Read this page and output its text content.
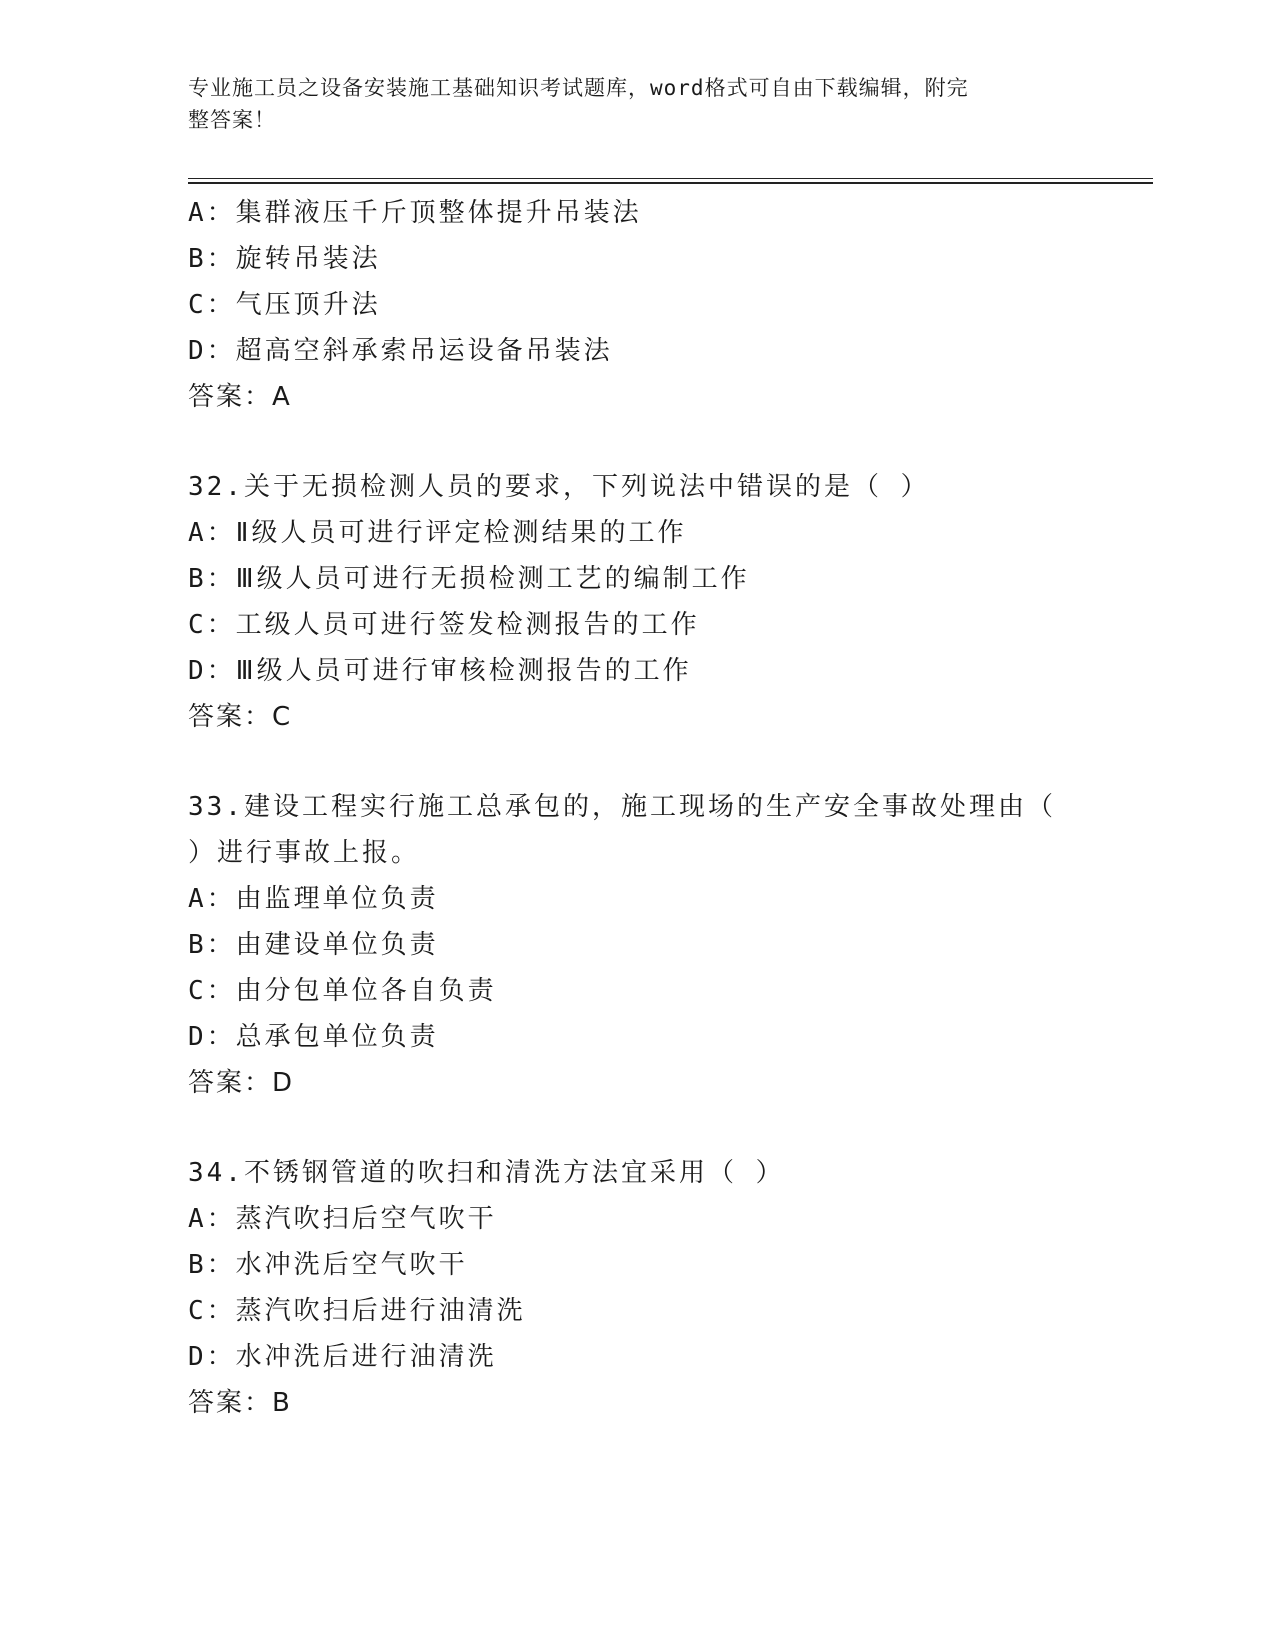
专业施工员之设备安装施工基础知识考试题库，word格式可自由下载编辑，附完
整答案！
A：集群液压千斤顶整体提升吊装法
B：旋转吊装法
C：气压顶升法
D：超高空斜承索吊运设备吊装法
答案：A
32.关于无损检测人员的要求，下列说法中错误的是（ ）
A：Ⅱ级人员可进行评定检测结果的工作
B：Ⅲ级人员可进行无损检测工艺的编制工作
C：工级人员可进行签发检测报告的工作
D：Ⅲ级人员可进行审核检测报告的工作
答案：C
33.建设工程实行施工总承包的，施工现场的生产安全事故处理由（
）进行事故上报。
A：由监理单位负责
B：由建设单位负责
C：由分包单位各自负责
D：总承包单位负责
答案：D
34.不锈钢管道的吹扫和清洗方法宜采用（ ）
A：蒸汽吹扫后空气吹干
B：水冲洗后空气吹干
C：蒸汽吹扫后进行油清洗
D：水冲洗后进行油清洗
答案：B
